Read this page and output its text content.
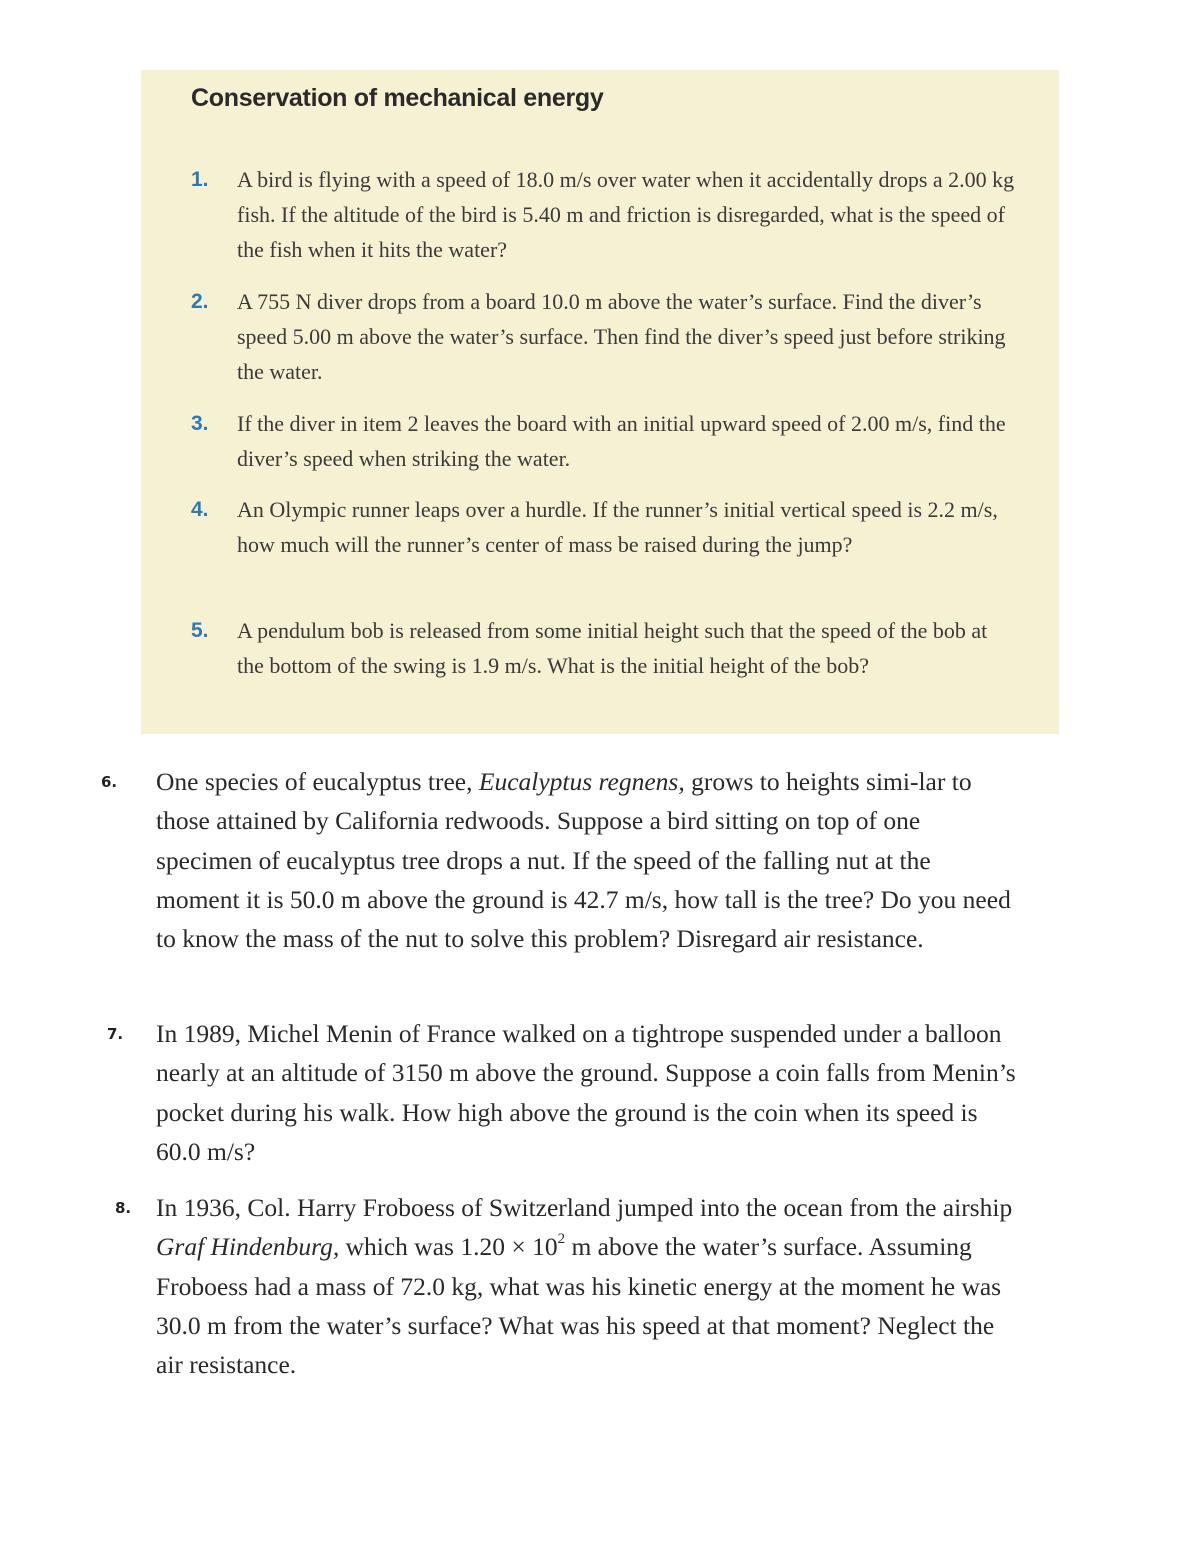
Conservation of mechanical energy
1. A bird is flying with a speed of 18.0 m/s over water when it accidentally drops a 2.00 kg fish. If the altitude of the bird is 5.40 m and friction is disregarded, what is the speed of the fish when it hits the water?
2. A 755 N diver drops from a board 10.0 m above the water’s surface. Find the diver’s speed 5.00 m above the water’s surface. Then find the diver’s speed just before striking the water.
3. If the diver in item 2 leaves the board with an initial upward speed of 2.00 m/s, find the diver’s speed when striking the water.
4. An Olympic runner leaps over a hurdle. If the runner’s initial vertical speed is 2.2 m/s, how much will the runner’s center of mass be raised during the jump?
5. A pendulum bob is released from some initial height such that the speed of the bob at the bottom of the swing is 1.9 m/s. What is the initial height of the bob?
6. One species of eucalyptus tree, Eucalyptus regnens, grows to heights simi-lar to those attained by California redwoods. Suppose a bird sitting on top of one specimen of eucalyptus tree drops a nut. If the speed of the falling nut at the moment it is 50.0 m above the ground is 42.7 m/s, how tall is the tree? Do you need to know the mass of the nut to solve this problem? Disregard air resistance.
7. In 1989, Michel Menin of France walked on a tightrope suspended under a balloon nearly at an altitude of 3150 m above the ground. Suppose a coin falls from Menin’s pocket during his walk. How high above the ground is the coin when its speed is 60.0 m/s?
8. In 1936, Col. Harry Froboess of Switzerland jumped into the ocean from the airship Graf Hindenburg, which was $1.20 \times 10^2$ m above the water’s surface. Assuming Froboess had a mass of 72.0 kg, what was his kinetic energy at the moment he was 30.0 m from the water’s surface? What was his speed at that moment? Neglect the air resistance.
